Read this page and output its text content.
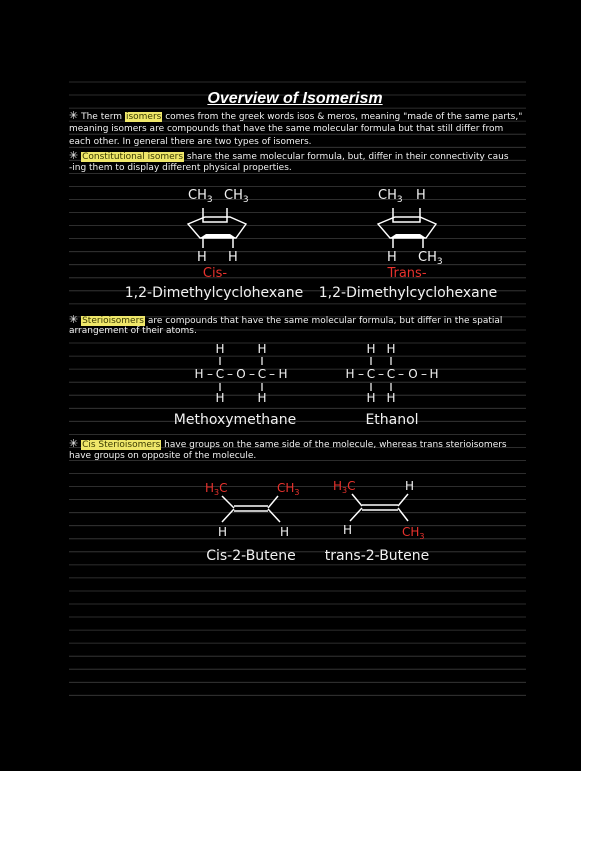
Overview of Isomerism
✳ The term isomers comes from the greek words isos & meros, meaning "made of the same parts,"
meaning isomers are compounds that have the same molecular formula but that still differ from
each other. In general there are two types of isomers.
✳ Constitutional isomers share the same molecular formula, but, differ in their connectivity caus
-ing them to display different physical properties.
$CH_3$ $CH_3$
H H
Cis-
1,2-Dimethylcyclohexane
$CH_3$ H
H $CH_3$
Trans-
1,2-Dimethylcyclohexane
✳ Sterioisomers are compounds that have the same molecular formula, but differ in the spatial
arrangement of their atoms.
H	H
H – C – O – C – H
H	H
Methoxymethane
H H
H – C – C – O – H
H H
Ethanol
✳ Cis Sterioisomers have groups on the same side of the molecule, whereas trans sterioisomers
have groups on opposite of the molecule.
$H_3C$	$CH_3$
H	H
Cis-2-Butene
$H_3C$	H
H	$CH_3$
trans-2-Butene
